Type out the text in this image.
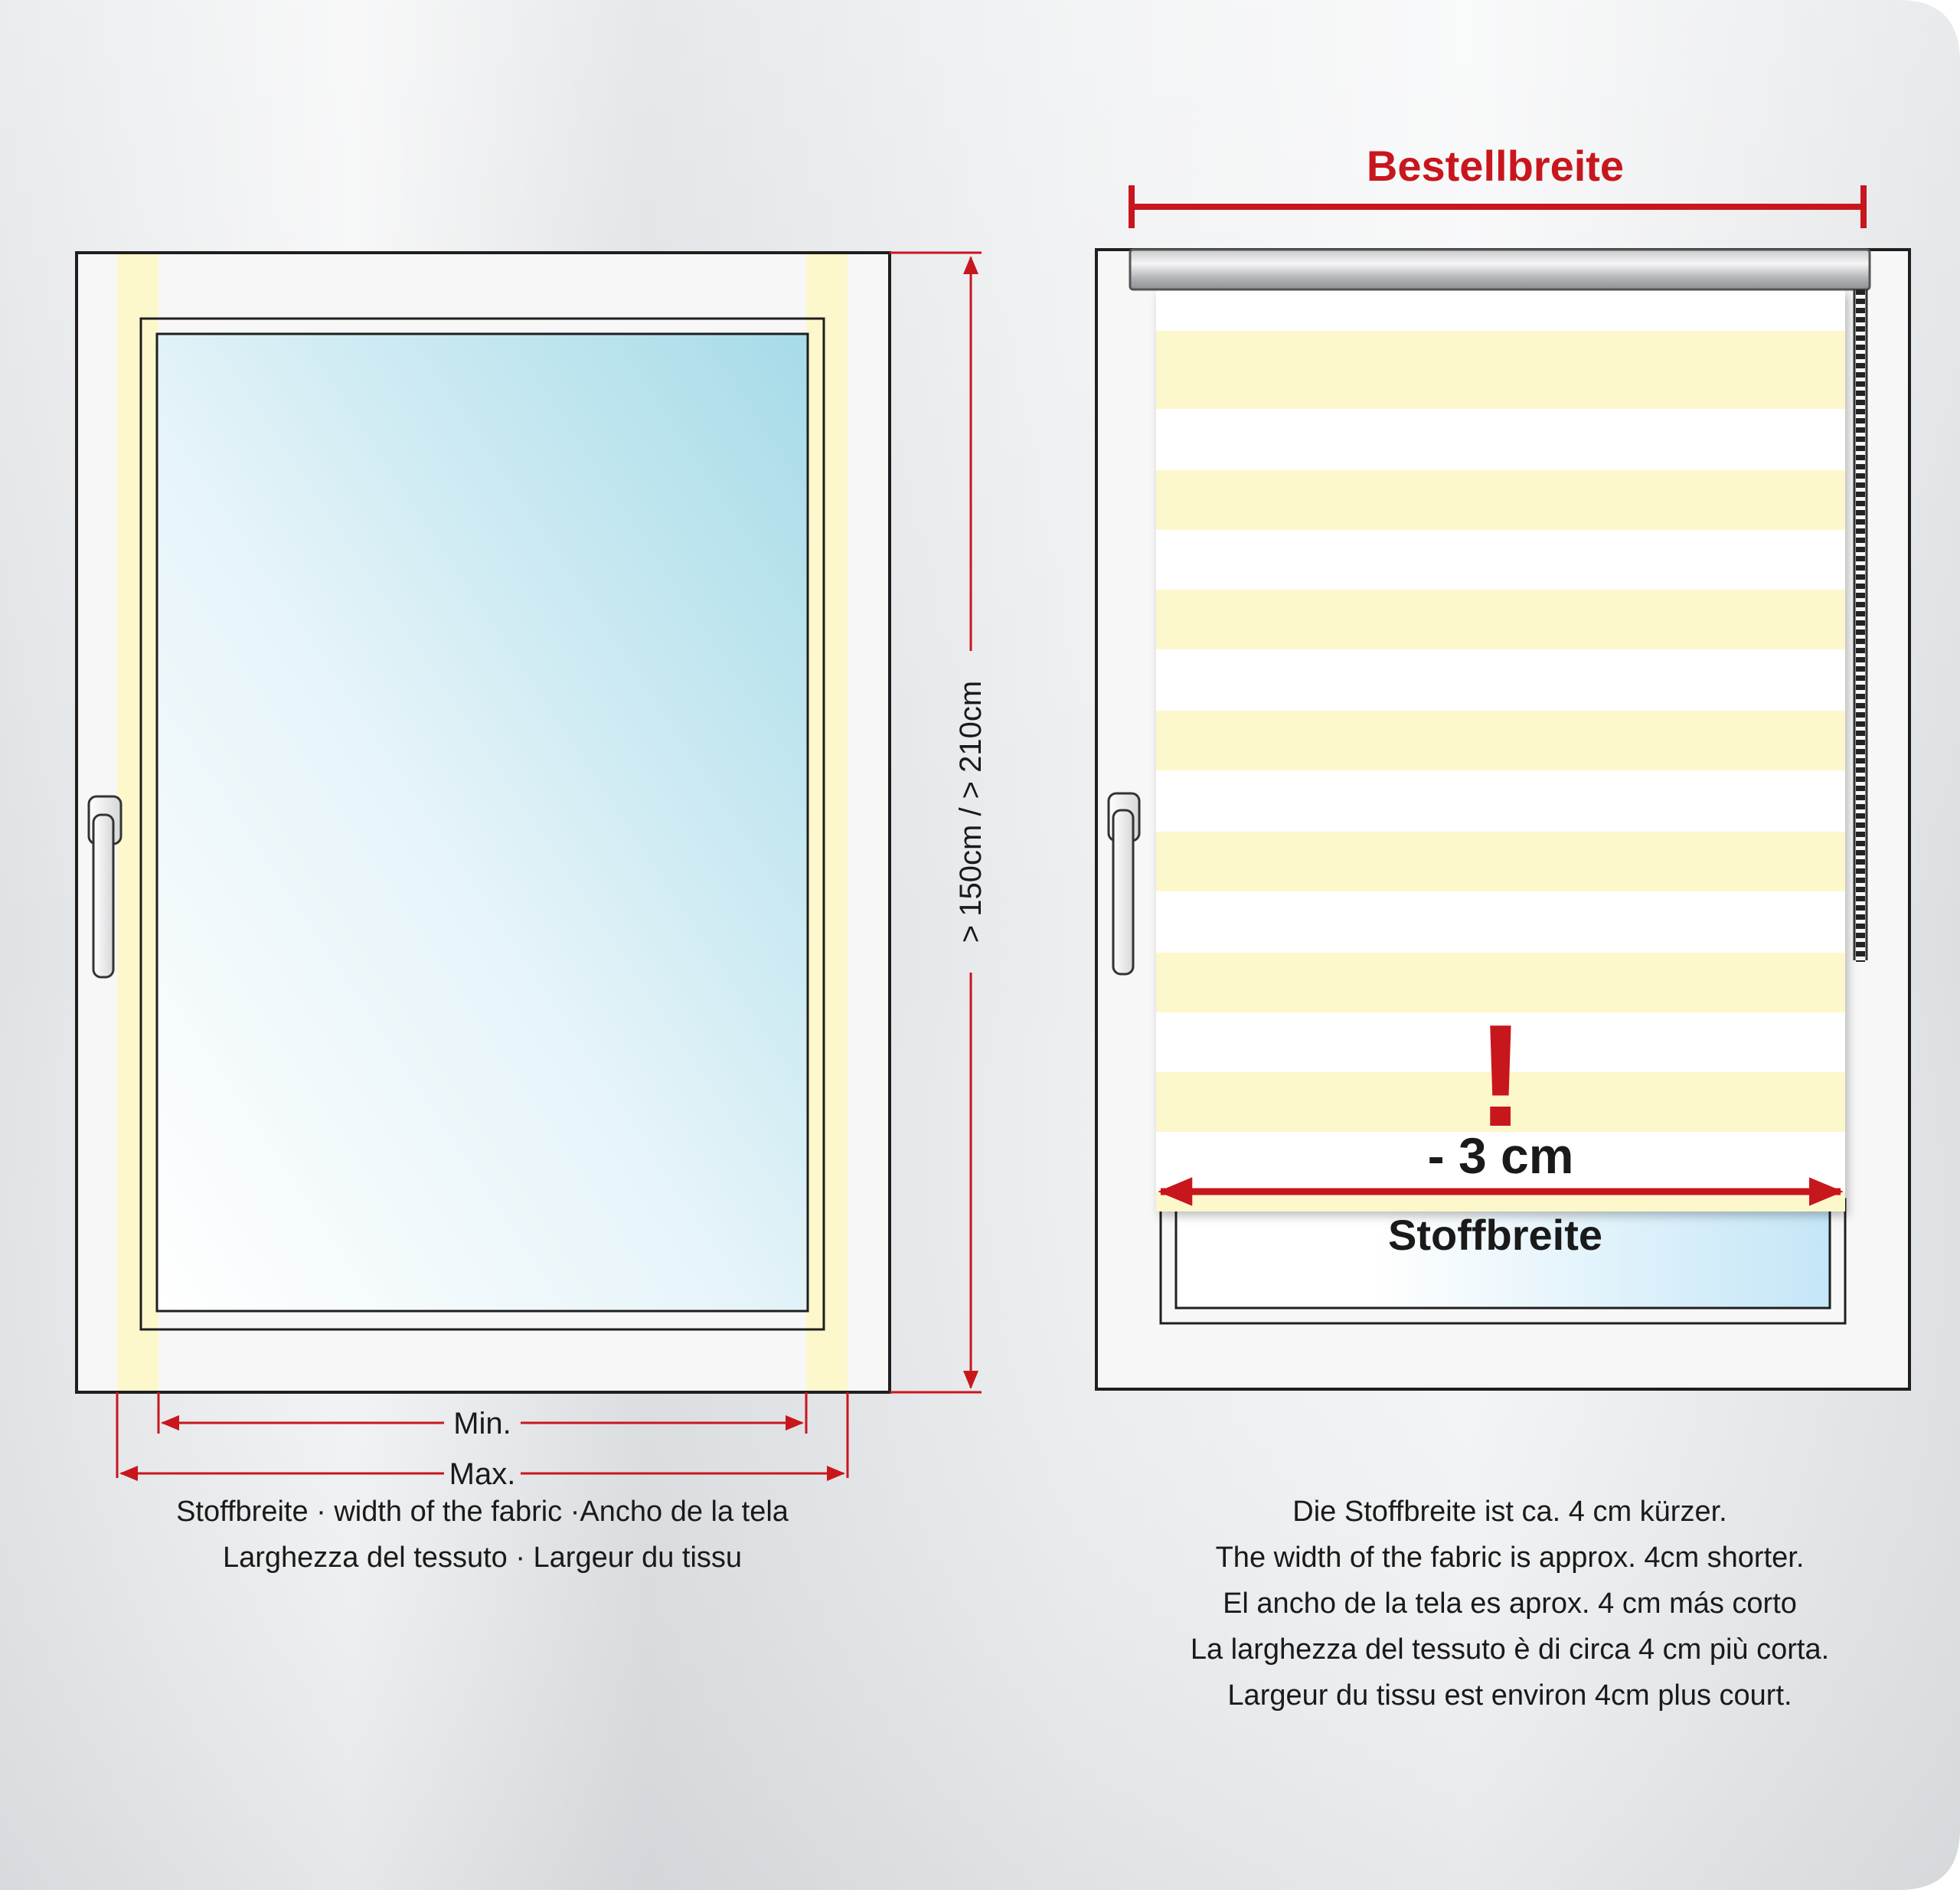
> 150cm / > 210cm
Min.
Max.
Bestellbreite
!
- 3 cm
Stoffbreite
Stoffbreite · width of the fabric ·Ancho de la tela
Larghezza del tessuto · Largeur du tissu
Die Stoffbreite ist ca. 4 cm kürzer.
The width of the fabric is approx. 4cm shorter.
El ancho de la tela es aprox. 4 cm más corto
La larghezza del tessuto è di circa 4 cm più corta.
Largeur du tissu est environ 4cm plus court.
